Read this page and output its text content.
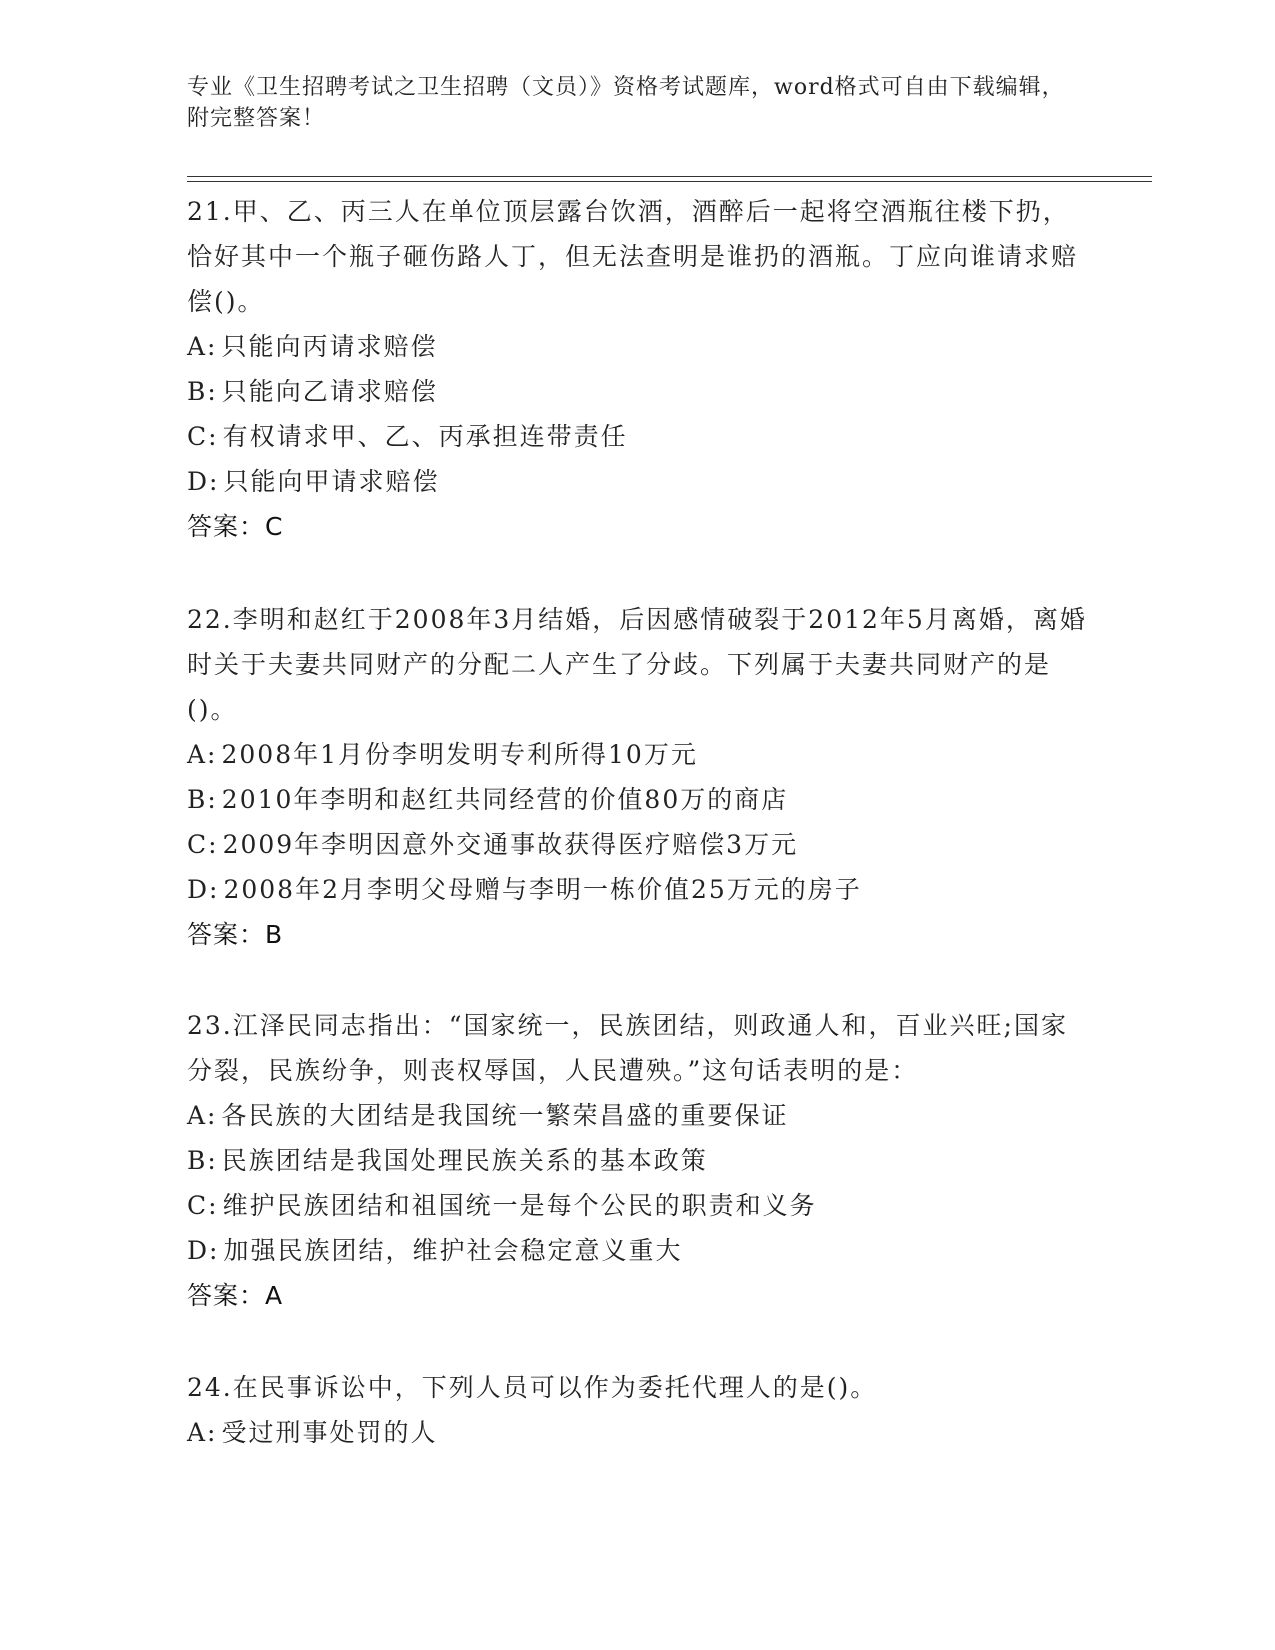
专业《卫生招聘考试之卫生招聘（文员）》资格考试题库，word格式可自由下载编辑，附完整答案！
21.甲、乙、丙三人在单位顶层露台饮酒，酒醉后一起将空酒瓶往楼下扔，恰好其中一个瓶子砸伤路人丁，但无法查明是谁扔的酒瓶。丁应向谁请求赔偿()。
A: 只能向丙请求赔偿
B: 只能向乙请求赔偿
C: 有权请求甲、乙、丙承担连带责任
D: 只能向甲请求赔偿
答案：C
22.李明和赵红于2008年3月结婚，后因感情破裂于2012年5月离婚，离婚时关于夫妻共同财产的分配二人产生了分歧。下列属于夫妻共同财产的是()。
A: 2008年1月份李明发明专利所得10万元
B: 2010年李明和赵红共同经营的价值80万的商店
C: 2009年李明因意外交通事故获得医疗赔偿3万元
D: 2008年2月李明父母赠与李明一栋价值25万元的房子
答案：B
23.江泽民同志指出：“国家统一，民族团结，则政通人和，百业兴旺;国家分裂，民族纷争，则丧权辱国，人民遭殃。”这句话表明的是：
A: 各民族的大团结是我国统一繁荣昌盛的重要保证
B: 民族团结是我国处理民族关系的基本政策
C: 维护民族团结和祖国统一是每个公民的职责和义务
D: 加强民族团结，维护社会稳定意义重大
答案：A
24.在民事诉讼中，下列人员可以作为委托代理人的是()。
A: 受过刑事处罚的人
